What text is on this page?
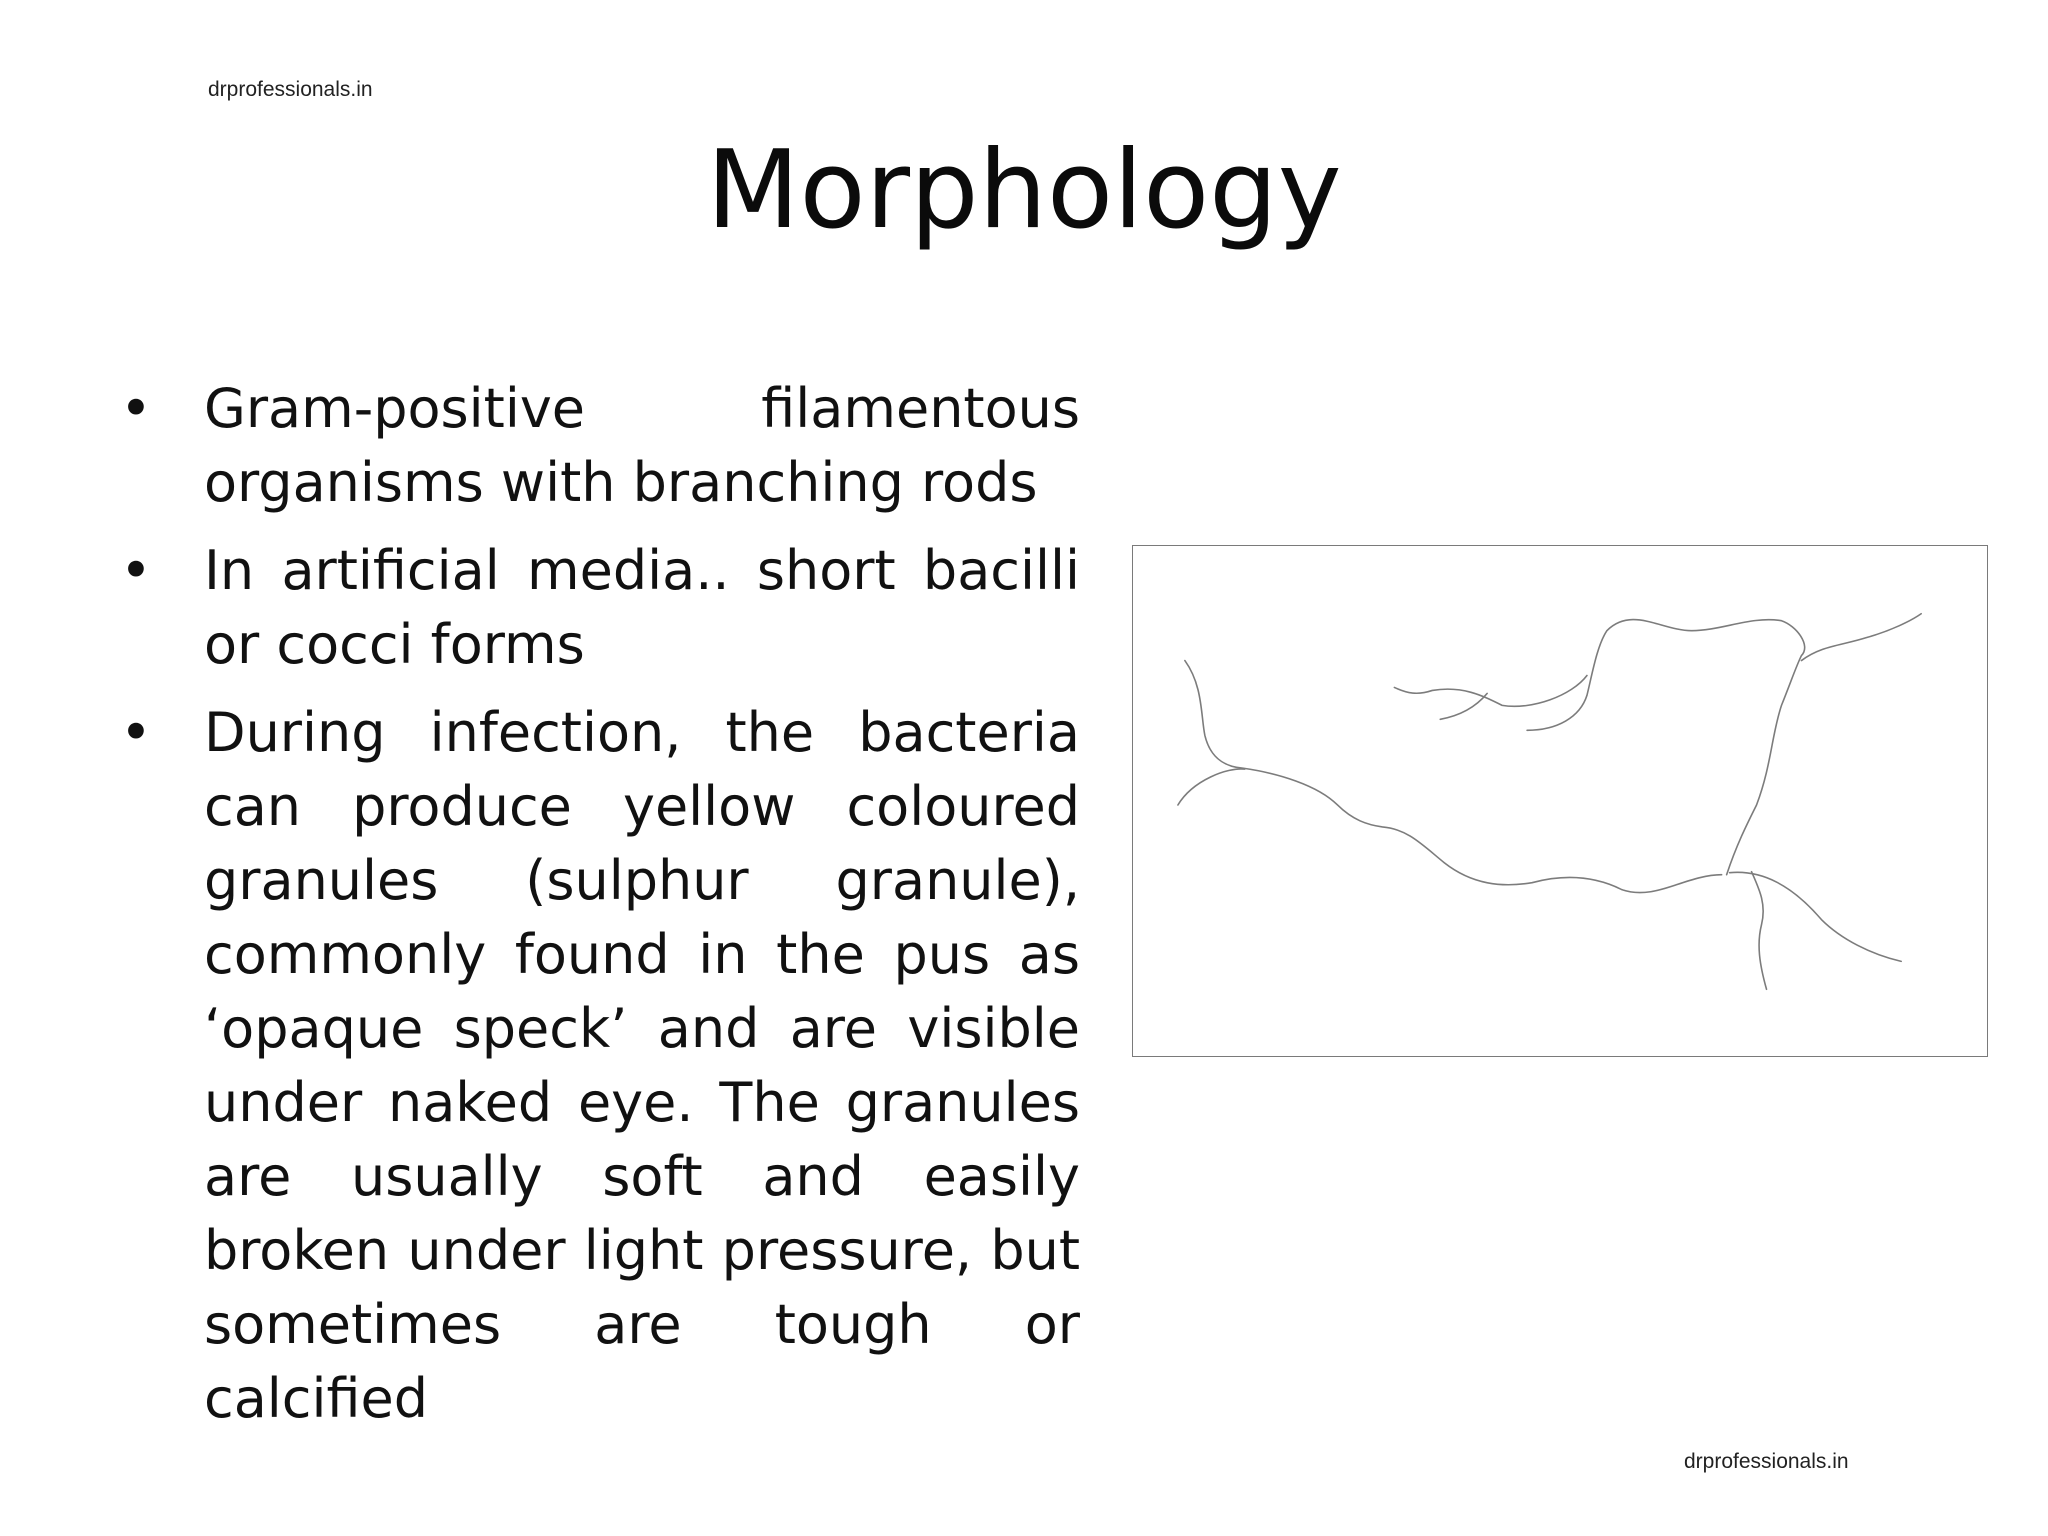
drprofessionals.in
Morphology
• Gram-positive filamentous organisms with branching rods
• In artificial media.. short bacilli or cocci forms
• During infection, the bacteria can produce yellow coloured granules (sulphur granule), commonly found in the pus as ‘opaque speck’ and are visible under naked eye. The granules are usually soft and easily broken under light pressure, but sometimes are tough or calcified
drprofessionals.in
